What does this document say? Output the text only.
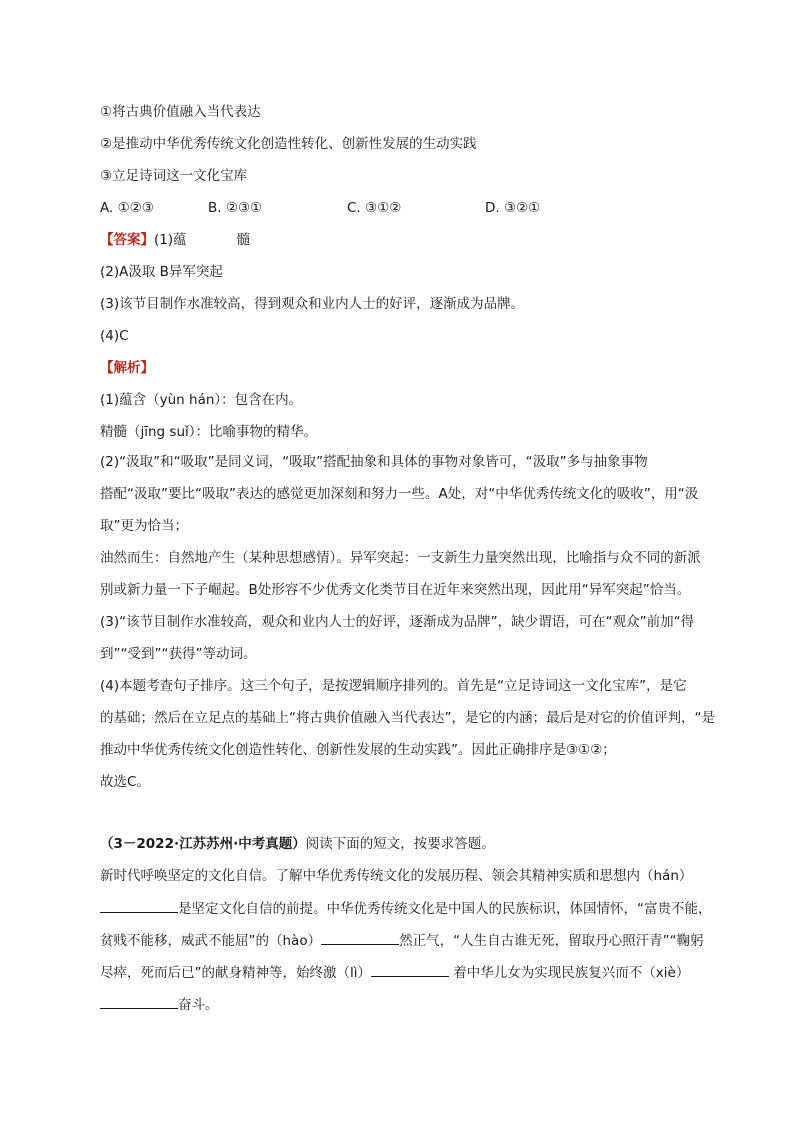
①将古典价值融入当代表达
②是推动中华优秀传统文化创造性转化、创新性发展的生动实践
③立足诗词这一文化宝库
A. ①②③	B. ②③①	C. ③①②	D. ③②①
【答案】(1)蕴	髓
(2)A汲取 B异军突起
(3)该节目制作水准较高，得到观众和业内人士的好评，逐渐成为品牌。
(4)C
【解析】
(1)蕴含（yùn hán）：包含在内。
精髓（jīng suǐ）：比喻事物的精华。
(2)“汲取”和“吸取”是同义词，“吸取”搭配抽象和具体的事物对象皆可，“汲取”多与抽象事物
搭配“汲取”要比“吸取”表达的感觉更加深刻和努力一些。A处，对“中华优秀传统文化的吸收”，用“汲
取”更为恰当；
油然而生：自然地产生（某种思想感情）。异军突起：一支新生力量突然出现，比喻指与众不同的新派
别或新力量一下子崛起。B处形容不少优秀文化类节目在近年来突然出现，因此用“异军突起”恰当。
(3)“该节目制作水准较高，观众和业内人士的好评，逐渐成为品牌”，缺少谓语，可在“观众”前加“得
到”“受到”“获得”等动词。
(4)本题考查句子排序。这三个句子，是按逻辑顺序排列的。首先是“立足诗词这一文化宝库”，是它
的基础；然后在立足点的基础上“将古典价值融入当代表达”，是它的内涵；最后是对它的价值评判，“是
推动中华优秀传统文化创造性转化、创新性发展的生动实践”。因此正确排序是③①②；
故选C。
（3－2022·江苏苏州·中考真题）阅读下面的短文，按要求答题。
新时代呼唤坚定的文化自信。了解中华优秀传统文化的发展历程、领会其精神实质和思想内（hán）
是坚定文化自信的前提。中华优秀传统文化是中国人的民族标识，体国情怀，“富贵不能，
贫贱不能移，威武不能屈”的（hào）	然正气，“人生自古谁无死，留取丹心照汗青”“鞠躬
尽瘁，死而后已”的献身精神等，始终激（lì）	着中华儿女为实现民族复兴而不（xiè）
奋斗。
